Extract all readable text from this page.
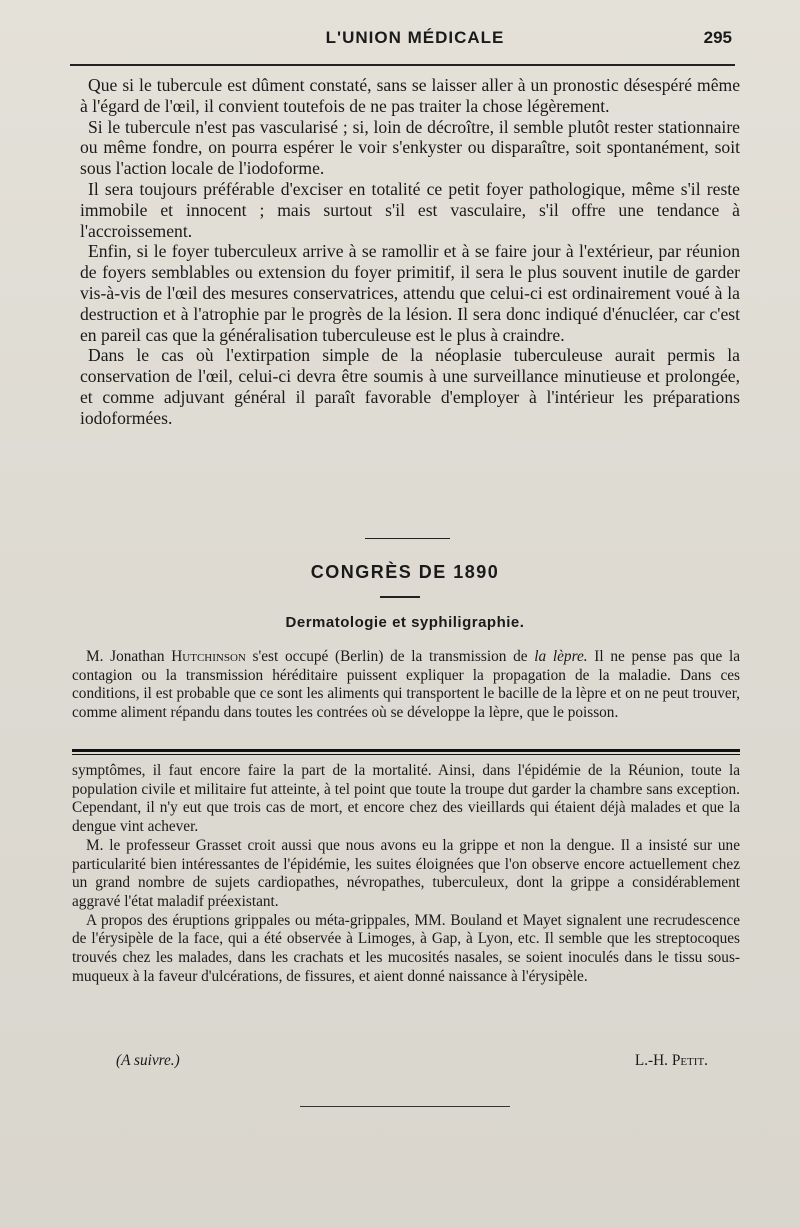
L'UNION MÉDICALE	295

Que si le tubercule est dûment constaté, sans se laisser aller à un pronostic désespéré même à l'égard de l'œil, il convient toutefois de ne pas traiter la chose légèrement.

Si le tubercule n'est pas vascularisé ; si, loin de décroître, il semble plutôt rester stationnaire ou même fondre, on pourra espérer le voir s'enkyster ou disparaître, soit spontanément, soit sous l'action locale de l'iodoforme.

Il sera toujours préférable d'exciser en totalité ce petit foyer pathologique, même s'il reste immobile et innocent ; mais surtout s'il est vasculaire, s'il offre une tendance à l'accroissement.

Enfin, si le foyer tuberculeux arrive à se ramollir et à se faire jour à l'extérieur, par réunion de foyers semblables ou extension du foyer primitif, il sera le plus souvent inutile de garder vis-à-vis de l'œil des mesures conservatrices, attendu que celui-ci est ordinairement voué à la destruction et à l'atrophie par le progrès de la lésion. Il sera donc indiqué d'énucléer, car c'est en pareil cas que la généralisation tuberculeuse est le plus à craindre.

Dans le cas où l'extirpation simple de la néoplasie tuberculeuse aurait permis la conservation de l'œil, celui-ci devra être soumis à une surveillance minutieuse et prolongée, et comme adjuvant général il paraît favorable d'employer à l'intérieur les préparations iodoformées.

CONGRÈS DE 1890
Dermatologie et syphiligraphie.

M. Jonathan Hutchinson s'est occupé (Berlin) de la transmission de la lèpre. Il ne pense pas que la contagion ou la transmission héréditaire puissent expliquer la propagation de la maladie. Dans ces conditions, il est probable que ce sont les aliments qui transportent le bacille de la lèpre et on ne peut trouver, comme aliment répandu dans toutes les contrées où se développe la lèpre, que le poisson.

symptômes, il faut encore faire la part de la mortalité. Ainsi, dans l'épidémie de la Réunion, toute la population civile et militaire fut atteinte, à tel point que toute la troupe dut garder la chambre sans exception. Cependant, il n'y eut que trois cas de mort, et encore chez des vieillards qui étaient déjà malades et que la dengue vint achever.

M. le professeur Grasset croit aussi que nous avons eu la grippe et non la dengue. Il a insisté sur une particularité bien intéressantes de l'épidémie, les suites éloignées que l'on observe encore actuellement chez un grand nombre de sujets cardiopathes, névropathes, tuberculeux, dont la grippe a considérablement aggravé l'état maladif préexistant.

A propos des éruptions grippales ou méta-grippales, MM. Bouland et Mayet signalent une recrudescence de l'érysipèle de la face, qui a été observée à Limoges, à Gap, à Lyon, etc. Il semble que les streptocoques trouvés chez les malades, dans les crachats et les mucosités nasales, se soient inoculés dans le tissu sous-muqueux à la faveur d'ulcérations, de fissures, et aient donné naissance à l'érysipèle.

(A suivre.)	L.-H. Petit.
